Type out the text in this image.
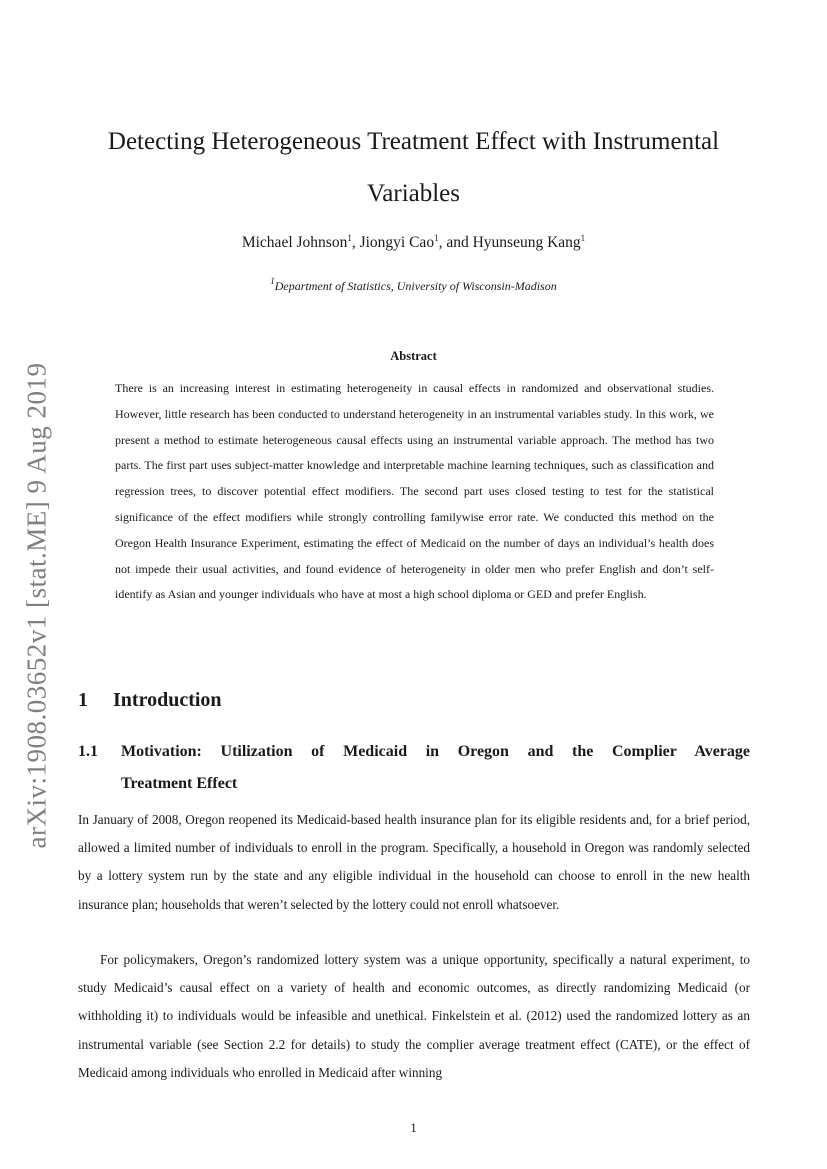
arXiv:1908.03652v1 [stat.ME] 9 Aug 2019
Detecting Heterogeneous Treatment Effect with Instrumental Variables
Michael Johnson$^1$, Jiongyi Cao$^1$, and Hyunseung Kang$^1$
$^1$Department of Statistics, University of Wisconsin-Madison
Abstract

There is an increasing interest in estimating heterogeneity in causal effects in randomized and observational studies. However, little research has been conducted to understand heterogeneity in an instrumental variables study. In this work, we present a method to estimate heterogeneous causal effects using an instrumental variable approach. The method has two parts. The first part uses subject-matter knowledge and interpretable machine learning techniques, such as classification and regression trees, to discover potential effect modifiers. The second part uses closed testing to test for the statistical significance of the effect modifiers while strongly controlling familywise error rate. We conducted this method on the Oregon Health Insurance Experiment, estimating the effect of Medicaid on the number of days an individual’s health does not impede their usual activities, and found evidence of heterogeneity in older men who prefer English and don’t self-identify as Asian and younger individuals who have at most a high school diploma or GED and prefer English.

1 Introduction
1.1 Motivation: Utilization of Medicaid in Oregon and the Complier Average
Treatment Effect

In January of 2008, Oregon reopened its Medicaid-based health insurance plan for its eligible residents and, for a brief period, allowed a limited number of individuals to enroll in the program. Specifically, a household in Oregon was randomly selected by a lottery system run by the state and any eligible individual in the household can choose to enroll in the new health insurance plan; households that weren’t selected by the lottery could not enroll whatsoever.

For policymakers, Oregon’s randomized lottery system was a unique opportunity, specifically a natural experiment, to study Medicaid’s causal effect on a variety of health and economic outcomes, as directly randomizing Medicaid (or withholding it) to individuals would be infeasible and unethical. Finkelstein et al. (2012) used the randomized lottery as an instrumental variable (see Section 2.2 for details) to study the complier average treatment effect (CATE), or the effect of Medicaid among individuals who enrolled in Medicaid after winning

1
